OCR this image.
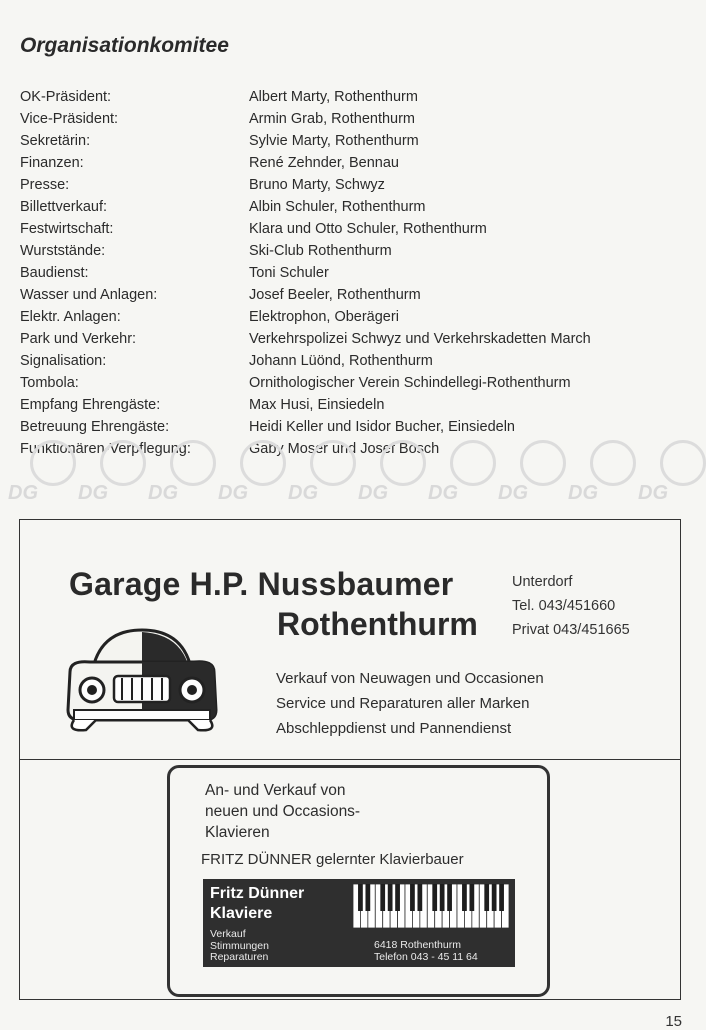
Organisationkomitee
OK-Präsident:	Albert Marty, Rothenthurm
Vice-Präsident:	Armin Grab, Rothenthurm
Sekretärin:	Sylvie Marty, Rothenthurm
Finanzen:	René Zehnder, Bennau
Presse:	Bruno Marty, Schwyz
Billettverkauf:	Albin Schuler, Rothenthurm
Festwirtschaft:	Klara und Otto Schuler, Rothenthurm
Wurststände:	Ski-Club Rothenthurm
Baudienst:	Toni Schuler
Wasser und Anlagen:	Josef Beeler, Rothenthurm
Elektr. Anlagen:	Elektrophon, Oberägeri
Park und Verkehr:	Verkehrspolizei Schwyz und Verkehrskadetten March
Signalisation:	Johann Lüönd, Rothenthurm
Tombola:	Ornithologischer Verein Schindellegi-Rothenthurm
Empfang Ehrengäste:	Max Husi, Einsiedeln
Betreuung Ehrengäste:	Heidi Keller und Isidor Bucher, Einsiedeln
Funktionären-Verpflegung:	Gaby Moser und Josef Bösch
DG DG DG DG DG DG DG DG DG DG
Garage H.P. Nussbaumer
Rothenthurm
Unterdorf
Tel. 043/451660
Privat 043/451665
Verkauf von Neuwagen und Occasionen
Service und Reparaturen aller Marken
Abschleppdienst und Pannendienst
An- und Verkauf von
neuen und Occasions-
Klavieren
FRITZ DÜNNER gelernter Klavierbauer
Fritz Dünner
Klaviere
Verkauf
Stimmungen
Reparaturen
6418 Rothenthurm
Telefon 043 - 45 11 64
15
